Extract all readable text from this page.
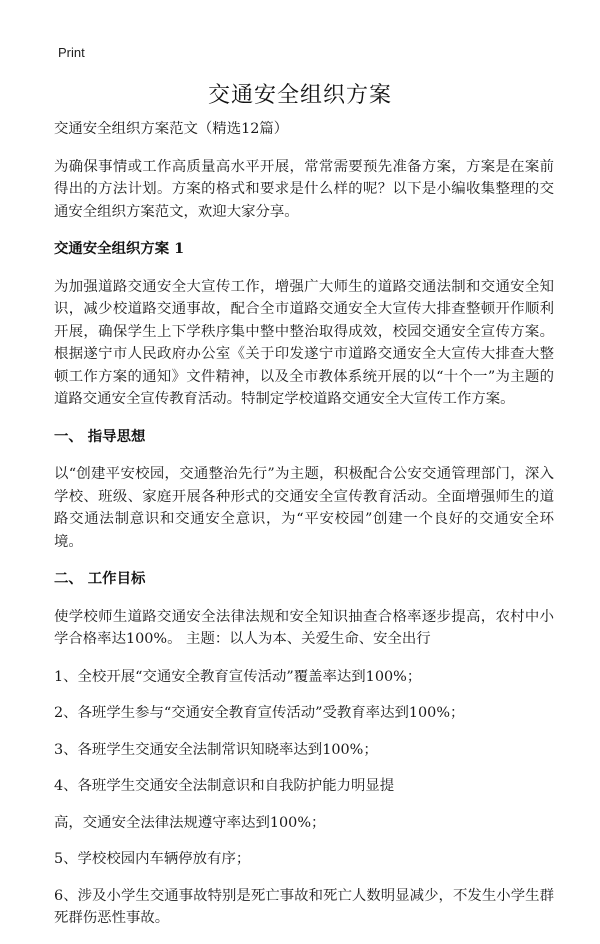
Print
交通安全组织方案

交通安全组织方案范文（精选12篇）

为确保事情或工作高质量高水平开展，常常需要预先准备方案，方案是在案前得出的方法计划。方案的格式和要求是什么样的呢？以下是小编收集整理的交通安全组织方案范文，欢迎大家分享。

交通安全组织方案 1

为加强道路交通安全大宣传工作，增强广大师生的道路交通法制和交通安全知识，减少校道路交通事故，配合全市道路交通安全大宣传大排查整顿开作顺利开展，确保学生上下学秩序集中整中整治取得成效，校园交通安全宣传方案。根据遂宁市人民政府办公室《关于印发遂宁市道路交通安全大宣传大排查大整顿工作方案的通知》文件精神，以及全市教体系统开展的以“十个一”为主题的道路交通安全宣传教育活动。特制定学校道路交通安全大宣传工作方案。

一、 指导思想

以“创建平安校园，交通整治先行”为主题，积极配合公安交通管理部门，深入学校、班级、家庭开展各种形式的交通安全宣传教育活动。全面增强师生的道路交通法制意识和交通安全意识，为“平安校园”创建一个良好的交通安全环境。

二、 工作目标

使学校师生道路交通安全法律法规和安全知识抽查合格率逐步提高，农村中小学合格率达100%。 主题：以人为本、关爱生命、安全出行

1、全校开展“交通安全教育宣传活动”覆盖率达到100%；

2、各班学生参与“交通安全教育宣传活动”受教育率达到100%；

3、各班学生交通安全法制常识知晓率达到100%；

4、各班学生交通安全法制意识和自我防护能力明显提

高，交通安全法律法规遵守率达到100%；

5、学校校园内车辆停放有序；

6、涉及小学生交通事故特别是死亡事故和死亡人数明显减少，不发生小学生群死群伤恶性事故。
